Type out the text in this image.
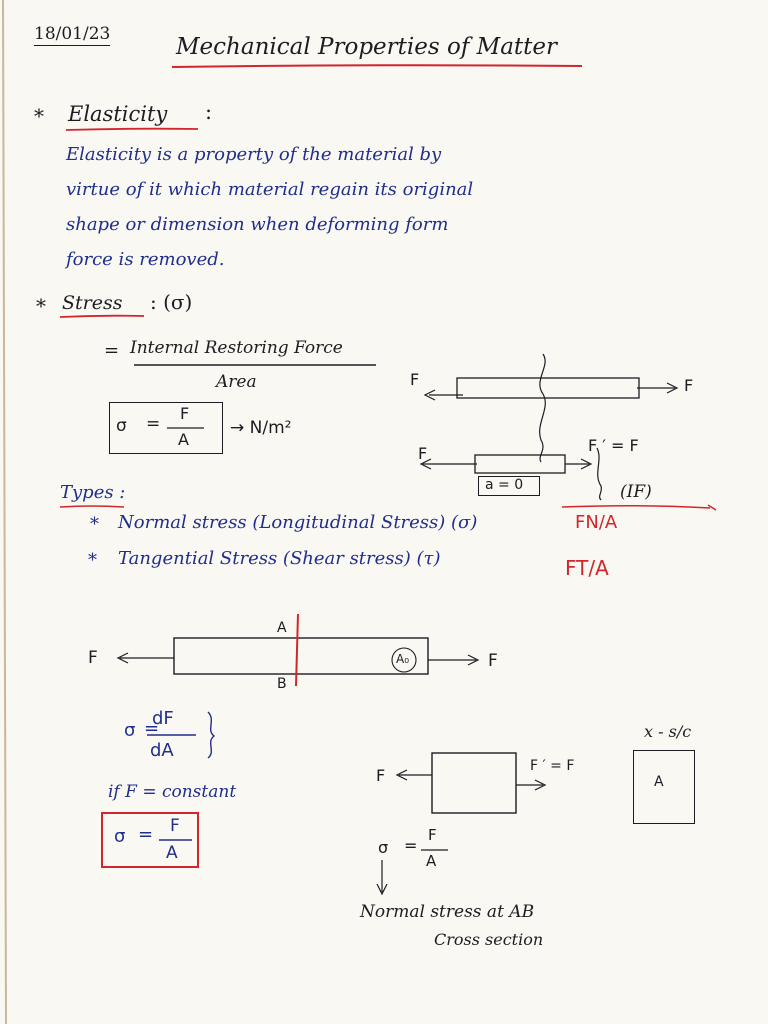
18/01/23	Mechanical Properties of Matter
* Elasticity :
Elasticity is a property of the material by
virtue of it which material regain its original
shape or dimension when deforming form
force is removed.
* Stress : (σ)
= Internal Restoring Force
Area
σ =
F
A
→ N/m²
F	F
F	F ′ = F
a = 0	(IF)
Types :
* Normal stress (Longitudinal Stress) (σ)	FN/A
* Tangential Stress (Shear stress) (τ)	FT/A
A
B
A₀
F	F
σ =
dF
dA
if F = constant
σ = F
A
F	F ′ = F
σ =
F
A
Normal stress at AB
Cross section
x - s/c
A
